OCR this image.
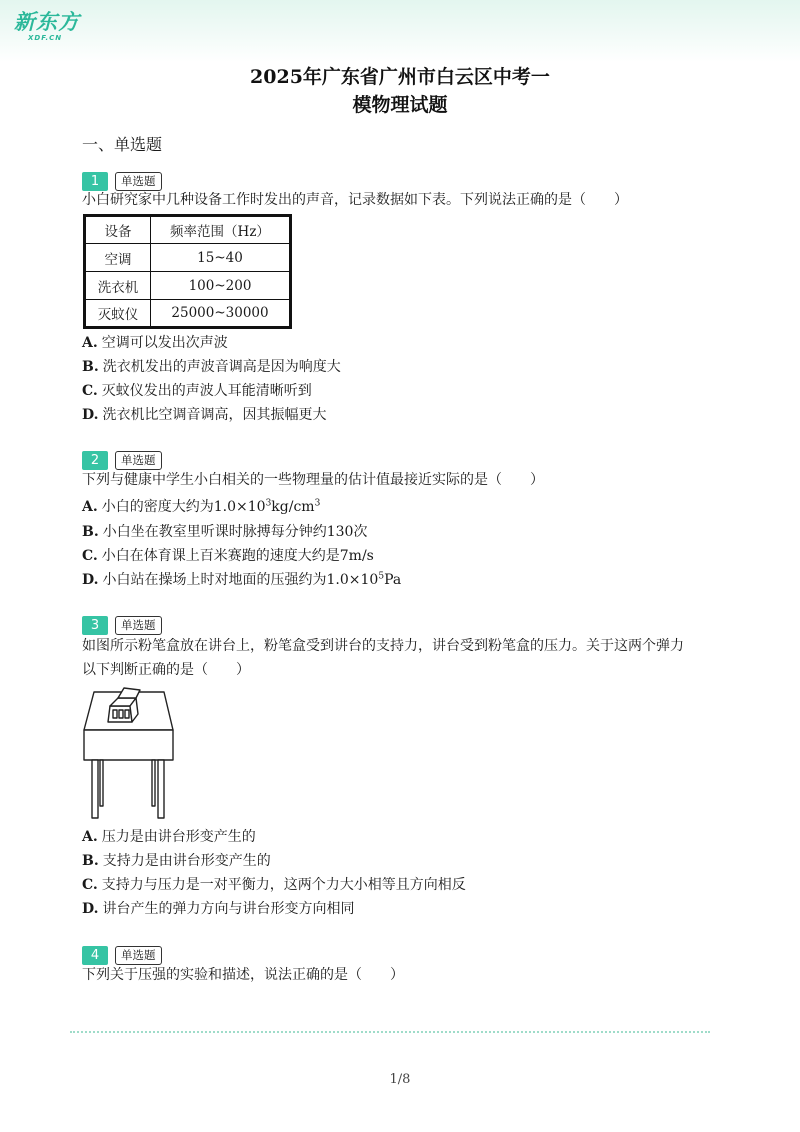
新东方
XDF.CN
2025年广东省广州市白云区中考一
模物理试题
一、单选题
1	单选题
小白研究家中几种设备工作时发出的声音，记录数据如下表。下列说法正确的是（　　）
设备	频率范围（Hz）
空调	15~40
洗衣机	100~200
灭蚊仪	25000~30000
A. 空调可以发出次声波
B. 洗衣机发出的声波音调高是因为响度大
C. 灭蚊仪发出的声波人耳能清晰听到
D. 洗衣机比空调音调高，因其振幅更大
2	单选题
下列与健康中学生小白相关的一些物理量的估计值最接近实际的是（　　）
A. 小白的密度大约为$1.0\times 10^3kg/cm^3$
B. 小白坐在教室里听课时脉搏每分钟约130次
C. 小白在体育课上百米赛跑的速度大约是7m/s
D. 小白站在操场上时对地面的压强约为$1.0\times 10^5Pa$
3	单选题
如图所示粉笔盒放在讲台上，粉笔盒受到讲台的支持力，讲台受到粉笔盒的压力。关于这两个弹力
以下判断正确的是（　　）
A. 压力是由讲台形变产生的
B. 支持力是由讲台形变产生的
C. 支持力与压力是一对平衡力，这两个力大小相等且方向相反
D. 讲台产生的弹力方向与讲台形变方向相同
4	单选题
下列关于压强的实验和描述，说法正确的是（　　）
1/8
